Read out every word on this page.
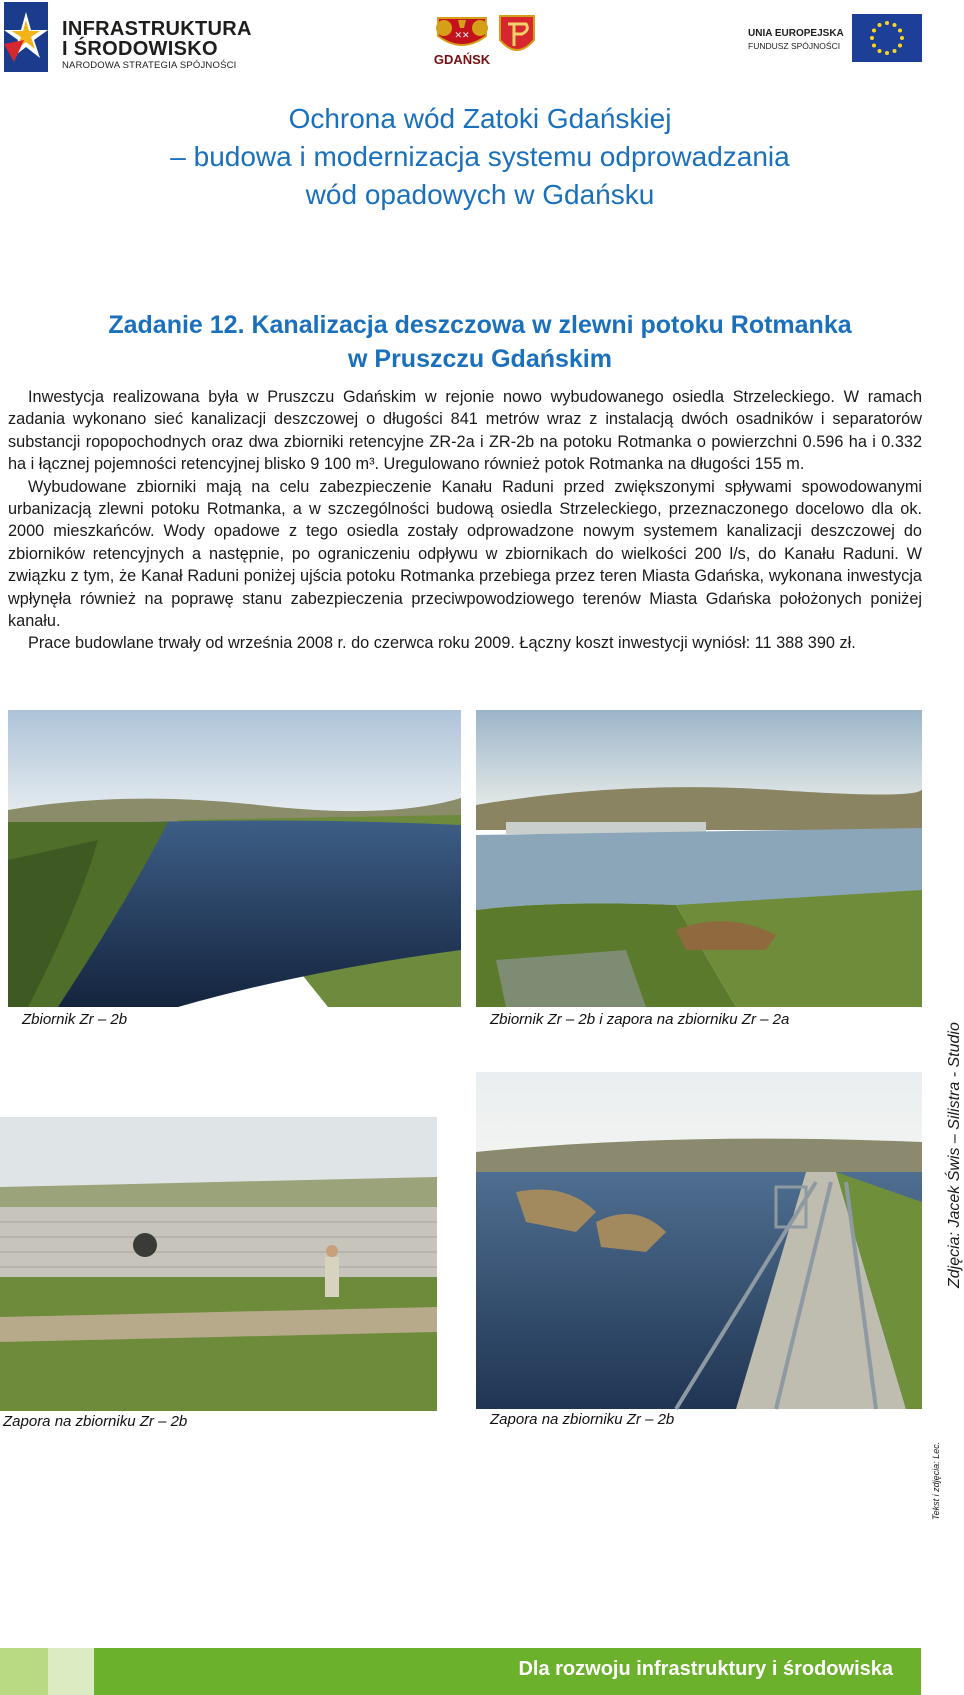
INFRASTRUKTURA
I ŚRODOWISKO
NARODOWA STRATEGIA SPÓJNOŚCI
✕✕
GDAŃSK
UNIA EUROPEJSKA
FUNDUSZ SPÓJNOŚCI
Ochrona wód Zatoki Gdańskiej
– budowa i modernizacja systemu odprowadzania
wód opadowych w Gdańsku
Zadanie 12. Kanalizacja deszczowa w zlewni potoku Rotmanka
w Pruszczu Gdańskim

Inwestycja realizowana była w Pruszczu Gdańskim w rejonie nowo wybudowanego osiedla Strzeleckiego. W ramach zadania wykonano sieć kanalizacji deszczowej o długości 841 metrów wraz z instalacją dwóch osadników i separatorów substancji ropopochodnych oraz dwa zbiorniki retencyjne ZR-2a i ZR-2b na potoku Rotmanka o powierzchni 0.596 ha i 0.332 ha i łącznej pojemności retencyjnej blisko 9 100 m³. Uregulowano również potok Rotmanka na długości 155 m.

Wybudowane zbiorniki mają na celu zabezpieczenie Kanału Raduni przed zwiększonymi spływami spowodowanymi urbanizacją zlewni potoku Rotmanka, a w szczególności budową osiedla Strzeleckiego, przeznaczonego docelowo dla ok. 2000 mieszkańców. Wody opadowe z tego osiedla zostały odprowadzone nowym systemem kanalizacji deszczowej do zbiorników retencyjnych a następnie, po ograniczeniu odpływu w zbiornikach do wielkości 200 l/s, do Kanału Raduni. W związku z tym, że Kanał Raduni poniżej ujścia potoku Rotmanka przebiega przez teren Miasta Gdańska, wykonana inwestycja wpłynęła również na poprawę stanu zabezpieczenia przeciwpowodziowego terenów Miasta Gdańska położonych poniżej kanału.

Prace budowlane trwały od września 2008 r. do czerwca roku 2009. Łączny koszt inwestycji wyniósł: 11 388 390 zł.

Zbiornik Zr – 2b	Zbiornik Zr – 2b i zapora na zbiorniku Zr – 2a
Zapora na zbiorniku Zr – 2b	Zapora na zbiorniku Zr – 2b
Zdjęcia: Jacek Świs – Silistra - Studio
Tekst i zdjęcia: Lec.
Dla rozwoju infrastruktury i środowiska
